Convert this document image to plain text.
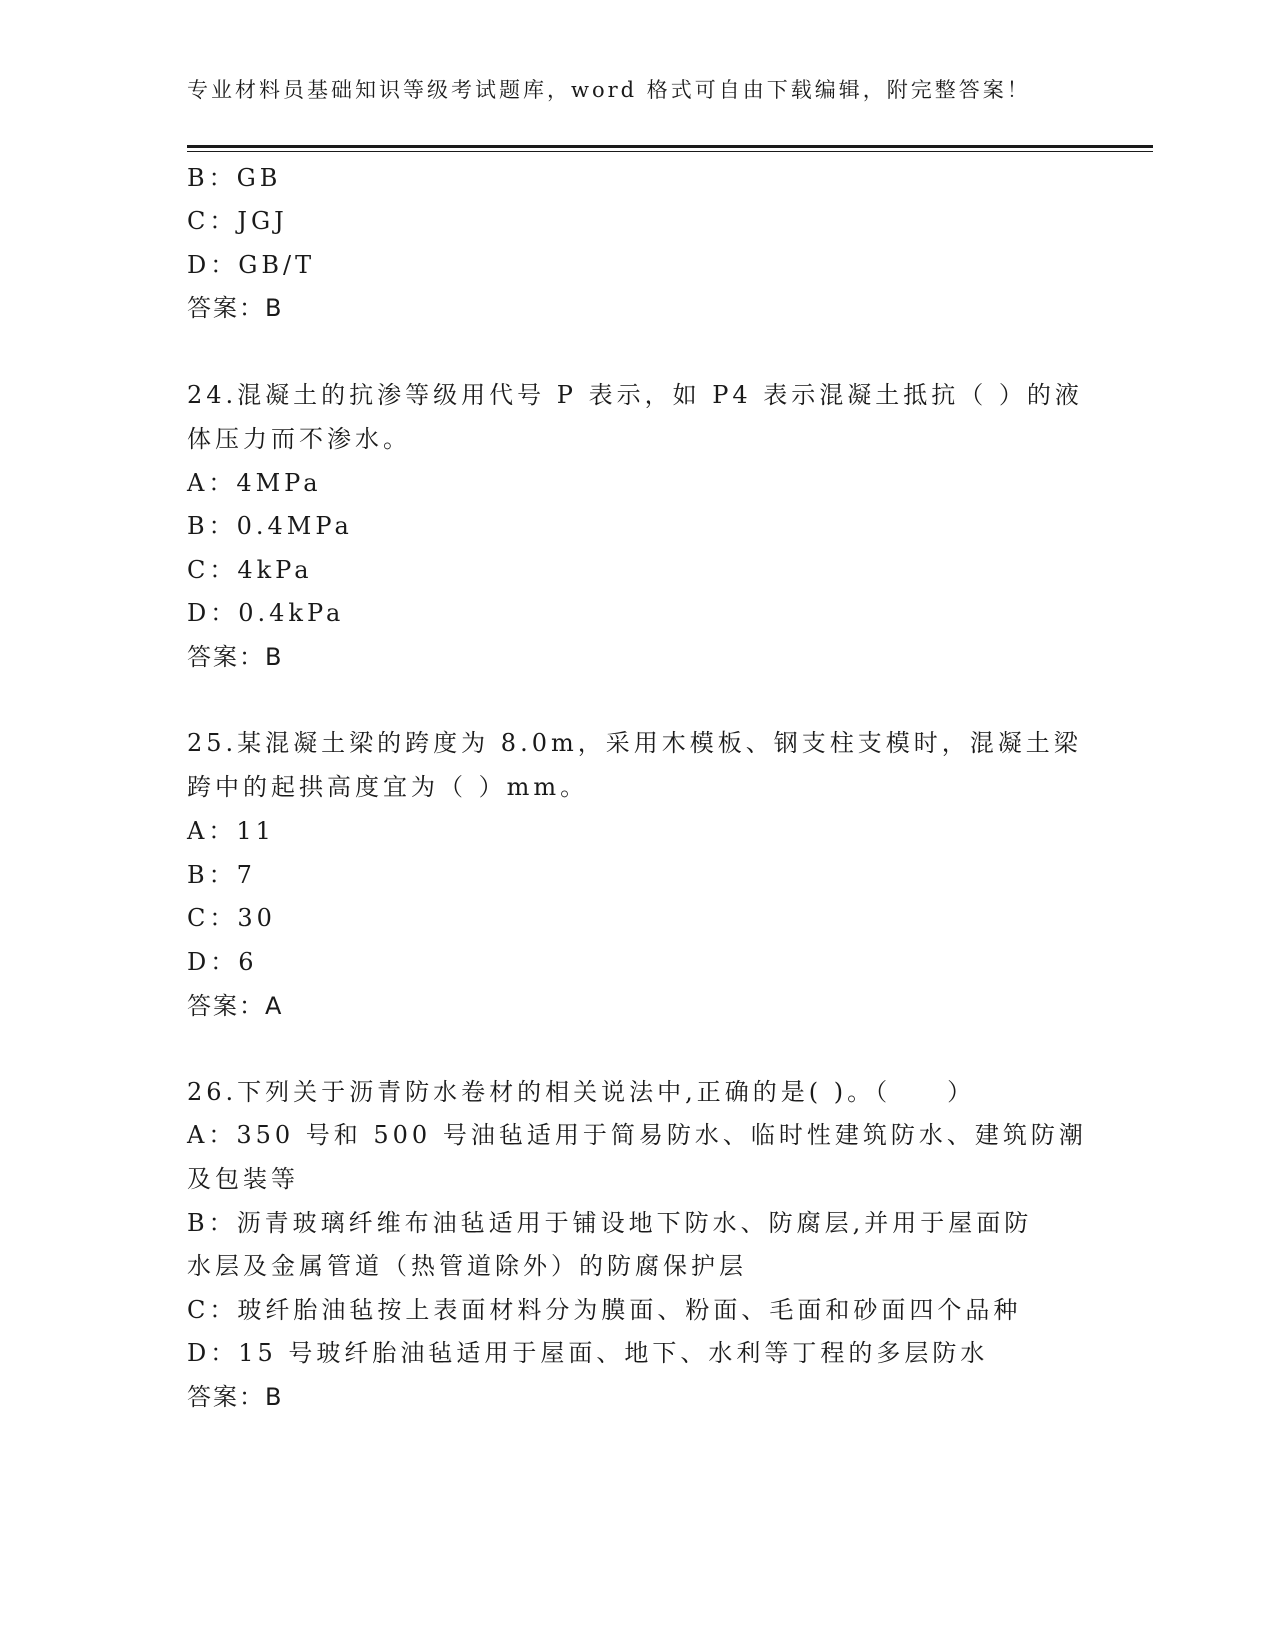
专业材料员基础知识等级考试题库，word 格式可自由下载编辑，附完整答案！
B：GB
C：JGJ
D：GB/T
答案：B
24.混凝土的抗渗等级用代号 P 表示，如 P4 表示混凝土抵抗（ ）的液
体压力而不渗水。
A：4MPa
B：0.4MPa
C：4kPa
D：0.4kPa
答案：B
25.某混凝土梁的跨度为 8.0m，采用木模板、钢支柱支模时，混凝土梁
跨中的起拱高度宜为（ ）mm。
A：11
B：7
C：30
D：6
答案：A
26.下列关于沥青防水卷材的相关说法中,正确的是( )。（　　）
A：350 号和 500 号油毡适用于简易防水、临时性建筑防水、建筑防潮
及包装等
B：沥青玻璃纤维布油毡适用于铺设地下防水、防腐层,并用于屋面防
水层及金属管道（热管道除外）的防腐保护层
C：玻纤胎油毡按上表面材料分为膜面、粉面、毛面和砂面四个品种
D：15 号玻纤胎油毡适用于屋面、地下、水利等丁程的多层防水
答案：B
